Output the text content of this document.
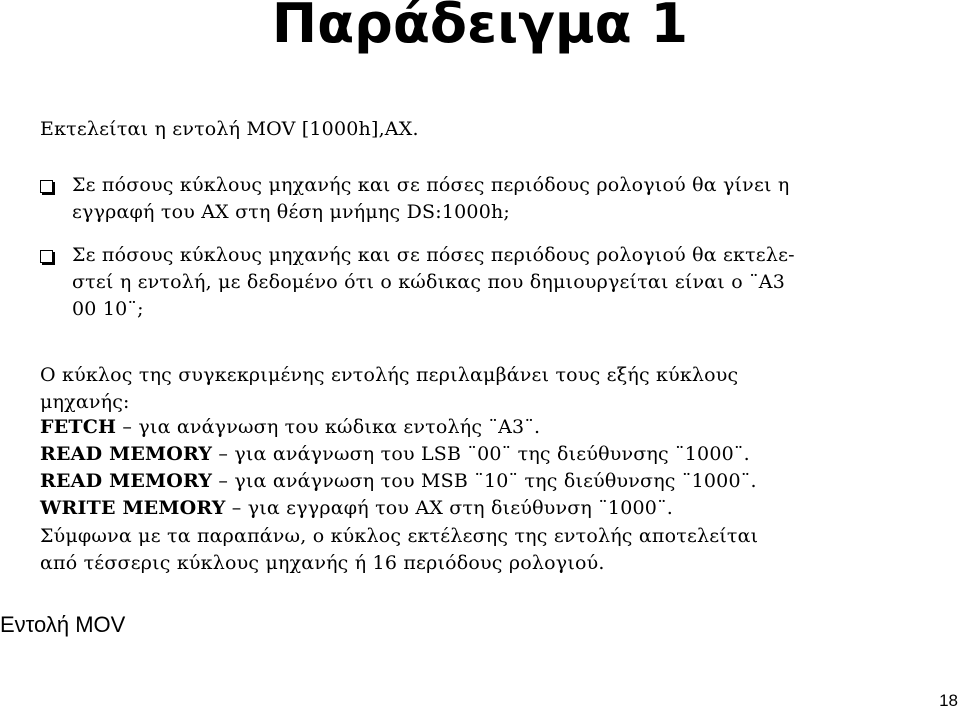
Παράδειγμα 1
Εκτελείται η εντολή MOV [1000h],AX.
Σε πόσους κύκλους μηχανής και σε πόσες περιόδους ρολογιού θα γίνει η
εγγραφή του AX στη θέση μνήμης DS:1000h;
Σε πόσους κύκλους μηχανής και σε πόσες περιόδους ρολογιού θα εκτελε-
στεί η εντολή, με δεδομένο ότι ο κώδικας που δημιουργείται είναι ο ¨A3
00 10¨;
Ο κύκλος της συγκεκριμένης εντολής περιλαμβάνει τους εξής κύκλους
μηχανής:
FETCH – για ανάγνωση του κώδικα εντολής ¨A3¨.
READ MEMORY – για ανάγνωση του LSB ¨00¨ της διεύθυνσης ¨1000¨.
READ MEMORY – για ανάγνωση του MSB ¨10¨ της διεύθυνσης ¨1000¨.
WRITE MEMORY – για εγγραφή του AX στη διεύθυνση ¨1000¨.
Σύμφωνα με τα παραπάνω, ο κύκλος εκτέλεσης της εντολής αποτελείται
από τέσσερις κύκλους μηχανής ή 16 περιόδους ρολογιού.
Εντολή MOV
18
